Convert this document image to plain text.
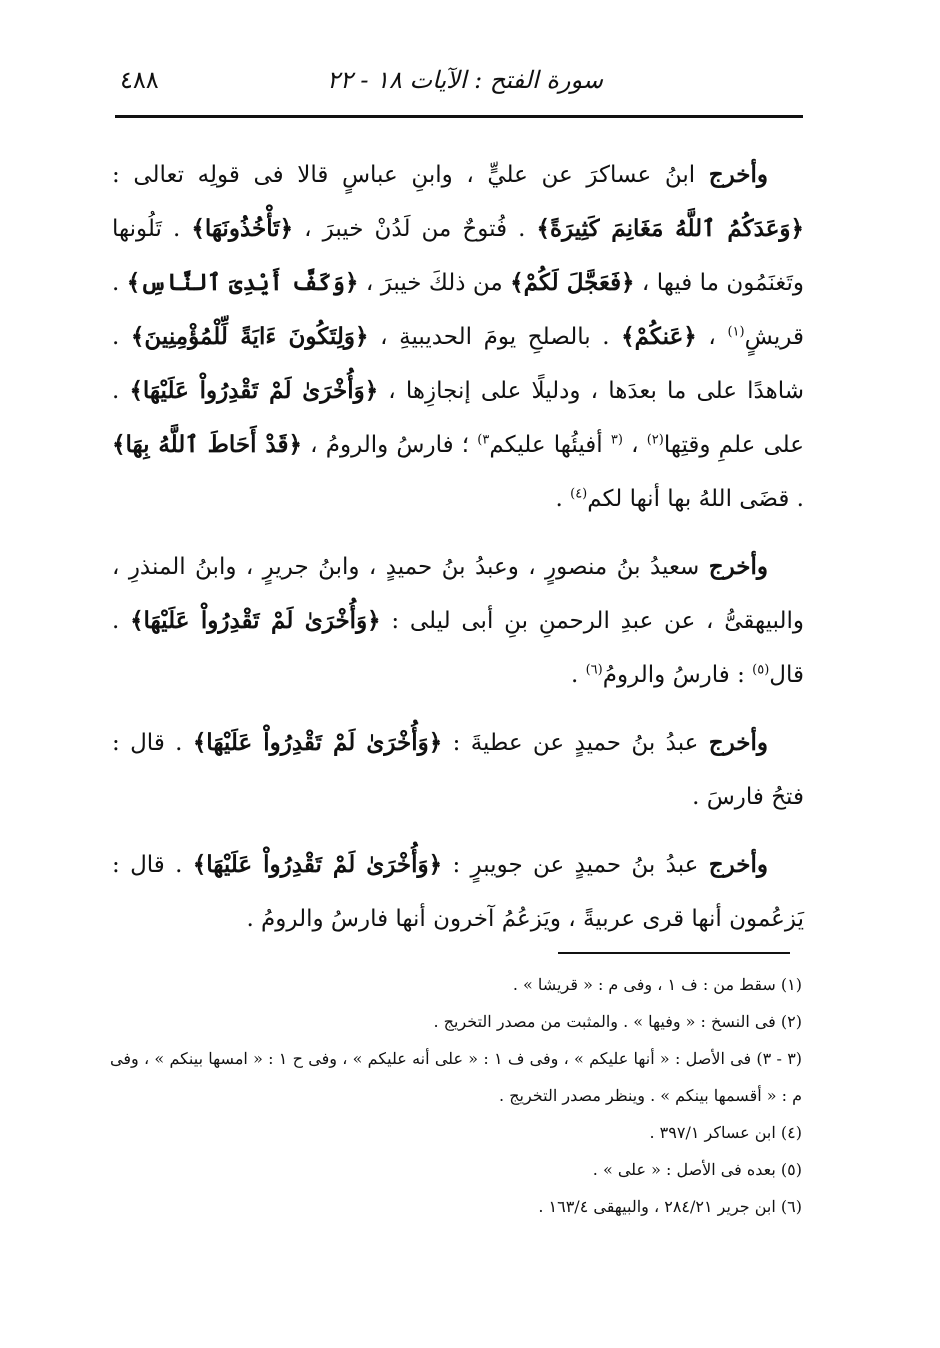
سورة الفتح : الآيات ١٨ - ٢٢
٤٨٨

وأخرج ابنُ عساكرَ عن عليٍّ ، وابنِ عباسٍ قالا فى قولِه تعالى : ﴿وَعَدَكُمُ ٱللَّهُ مَغَانِمَ كَثِيرَةً﴾ . فُتوحٌ من لَدُنْ خيبرَ ، ﴿تَأْخُذُونَهَا﴾ . تَلُونها وتَغنَمُون ما فيها ، ﴿فَعَجَّلَ لَكُمْ﴾ من ذلكَ خيبرَ ، ﴿وَكَفَّ أَيْدِىَ ٱلنَّاسِ﴾ . قريشٍ$^{(١)}$ ، ﴿عَنكُمْ﴾ . بالصلحِ يومَ الحديبيةِ ، ﴿وَلِتَكُونَ ءَايَةً لِّلْمُؤْمِنِينَ﴾ . شاهدًا على ما بعدَها ، ودليلًا على إنجازِها ، ﴿وَأُخْرَىٰ لَمْ تَقْدِرُواْ عَلَيْهَا﴾ . على علمِ وقتِها$^{(٢)}$ ، $^{(٣}$ أفيئُها عليكم$^{٣)}$ ؛ فارسُ والرومُ ، ﴿قَدْ أَحَاطَ ٱللَّهُ بِهَا﴾ . قضَى اللهُ بها أنها لكم$^{(٤)}$ .

وأخرج سعيدُ بنُ منصورٍ ، وعبدُ بنُ حميدٍ ، وابنُ جريرٍ ، وابنُ المنذرِ ، والبيهقىُّ ، عن عبدِ الرحمنِ بنِ أبى ليلى : ﴿وَأُخْرَىٰ لَمْ تَقْدِرُواْ عَلَيْهَا﴾ . قال$^{(٥)}$ : فارسُ والرومُ$^{(٦)}$ .

وأخرج عبدُ بنُ حميدٍ عن عطيةَ : ﴿وَأُخْرَىٰ لَمْ تَقْدِرُواْ عَلَيْهَا﴾ . قال : فتحُ فارسَ .

وأخرج عبدُ بنُ حميدٍ عن جويبرٍ : ﴿وَأُخْرَىٰ لَمْ تَقْدِرُواْ عَلَيْهَا﴾ . قال : يَزعُمون أنها قرى عربيةً ، ويَزعُمُ آخرون أنها فارسُ والرومُ .

(١) سقط من : ف ١ ، وفى م : « قريشا » .
(٢) فى النسخ : « وفيها » . والمثبت من مصدر التخريج .
(٣ - ٣) فى الأصل : « أنها عليكم » ، وفى ف ١ : « على أنه عليكم » ، وفى ح ١ : « امسها بينكم » ، وفى م : « أقسمها بينكم » . وينظر مصدر التخريج .
(٤) ابن عساكر ٣٩٧/١ .
(٥) بعده فى الأصل : « على » .
(٦) ابن جرير ٢٨٤/٢١ ، والبيهقى ١٦٣/٤ .
